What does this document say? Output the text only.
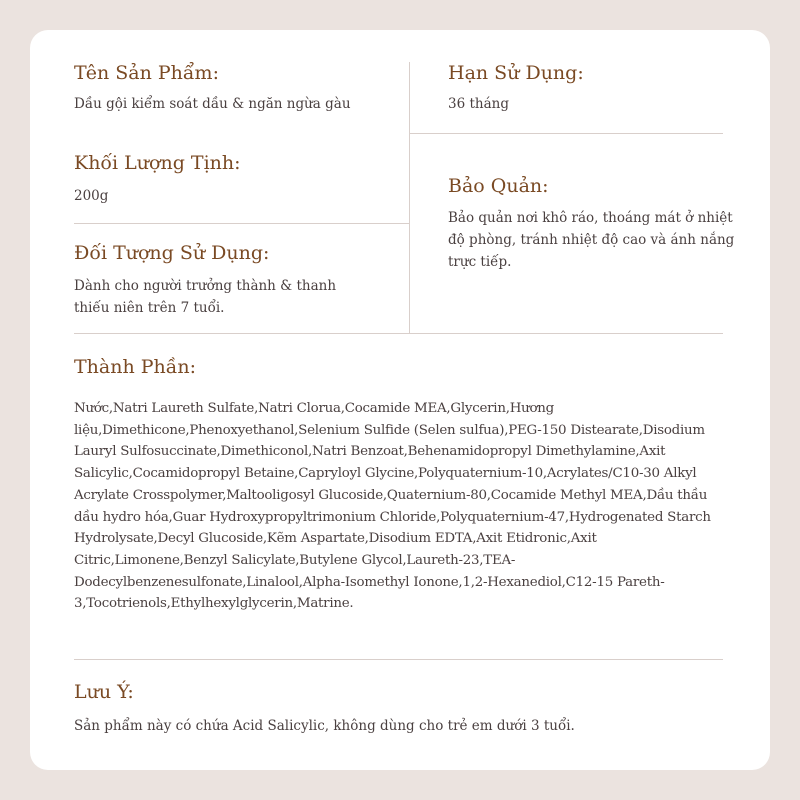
Tên Sản Phẩm:

Dầu gội kiểm soát dầu & ngăn ngừa gàu

Khối Lượng Tịnh:

200g

Đối Tượng Sử Dụng:

Dành cho người trưởng thành & thanh thiếu niên trên 7 tuổi.

Hạn Sử Dụng:

36 tháng

Bảo Quản:

Bảo quản nơi khô ráo, thoáng mát ở nhiệt độ phòng, tránh nhiệt độ cao và ánh nắng trực tiếp.

Thành Phần:

Nước,Natri Laureth Sulfate,Natri Clorua,Cocamide MEA,Glycerin,Hương liệu,Dimethicone,Phenoxyethanol,Selenium Sulfide (Selen sulfua),PEG-150 Distearate,Disodium Lauryl Sulfosuccinate,Dimethiconol,Natri Benzoat,Behenamidopropyl Dimethylamine,Axit Salicylic,Cocamidopropyl Betaine,Capryloyl Glycine,Polyquaternium-10,Acrylates/C10-30 Alkyl Acrylate Crosspolymer,Maltooligosyl Glucoside,Quaternium-80,Cocamide Methyl MEA,Dầu thầu dầu hydro hóa,Guar Hydroxypropyltrimonium Chloride,Polyquaternium-47,Hydrogenated Starch Hydrolysate,Decyl Glucoside,Kẽm Aspartate,Disodium EDTA,Axit Etidronic,Axit Citric,Limonene,Benzyl Salicylate,Butylene Glycol,Laureth-23,TEA-Dodecylbenzenesulfonate,Linalool,Alpha-Isomethyl Ionone,1,2-Hexanediol,C12-15 Pareth-3,Tocotrienols,Ethylhexylglycerin,Matrine.

Lưu Ý:

Sản phẩm này có chứa Acid Salicylic, không dùng cho trẻ em dưới 3 tuổi.
